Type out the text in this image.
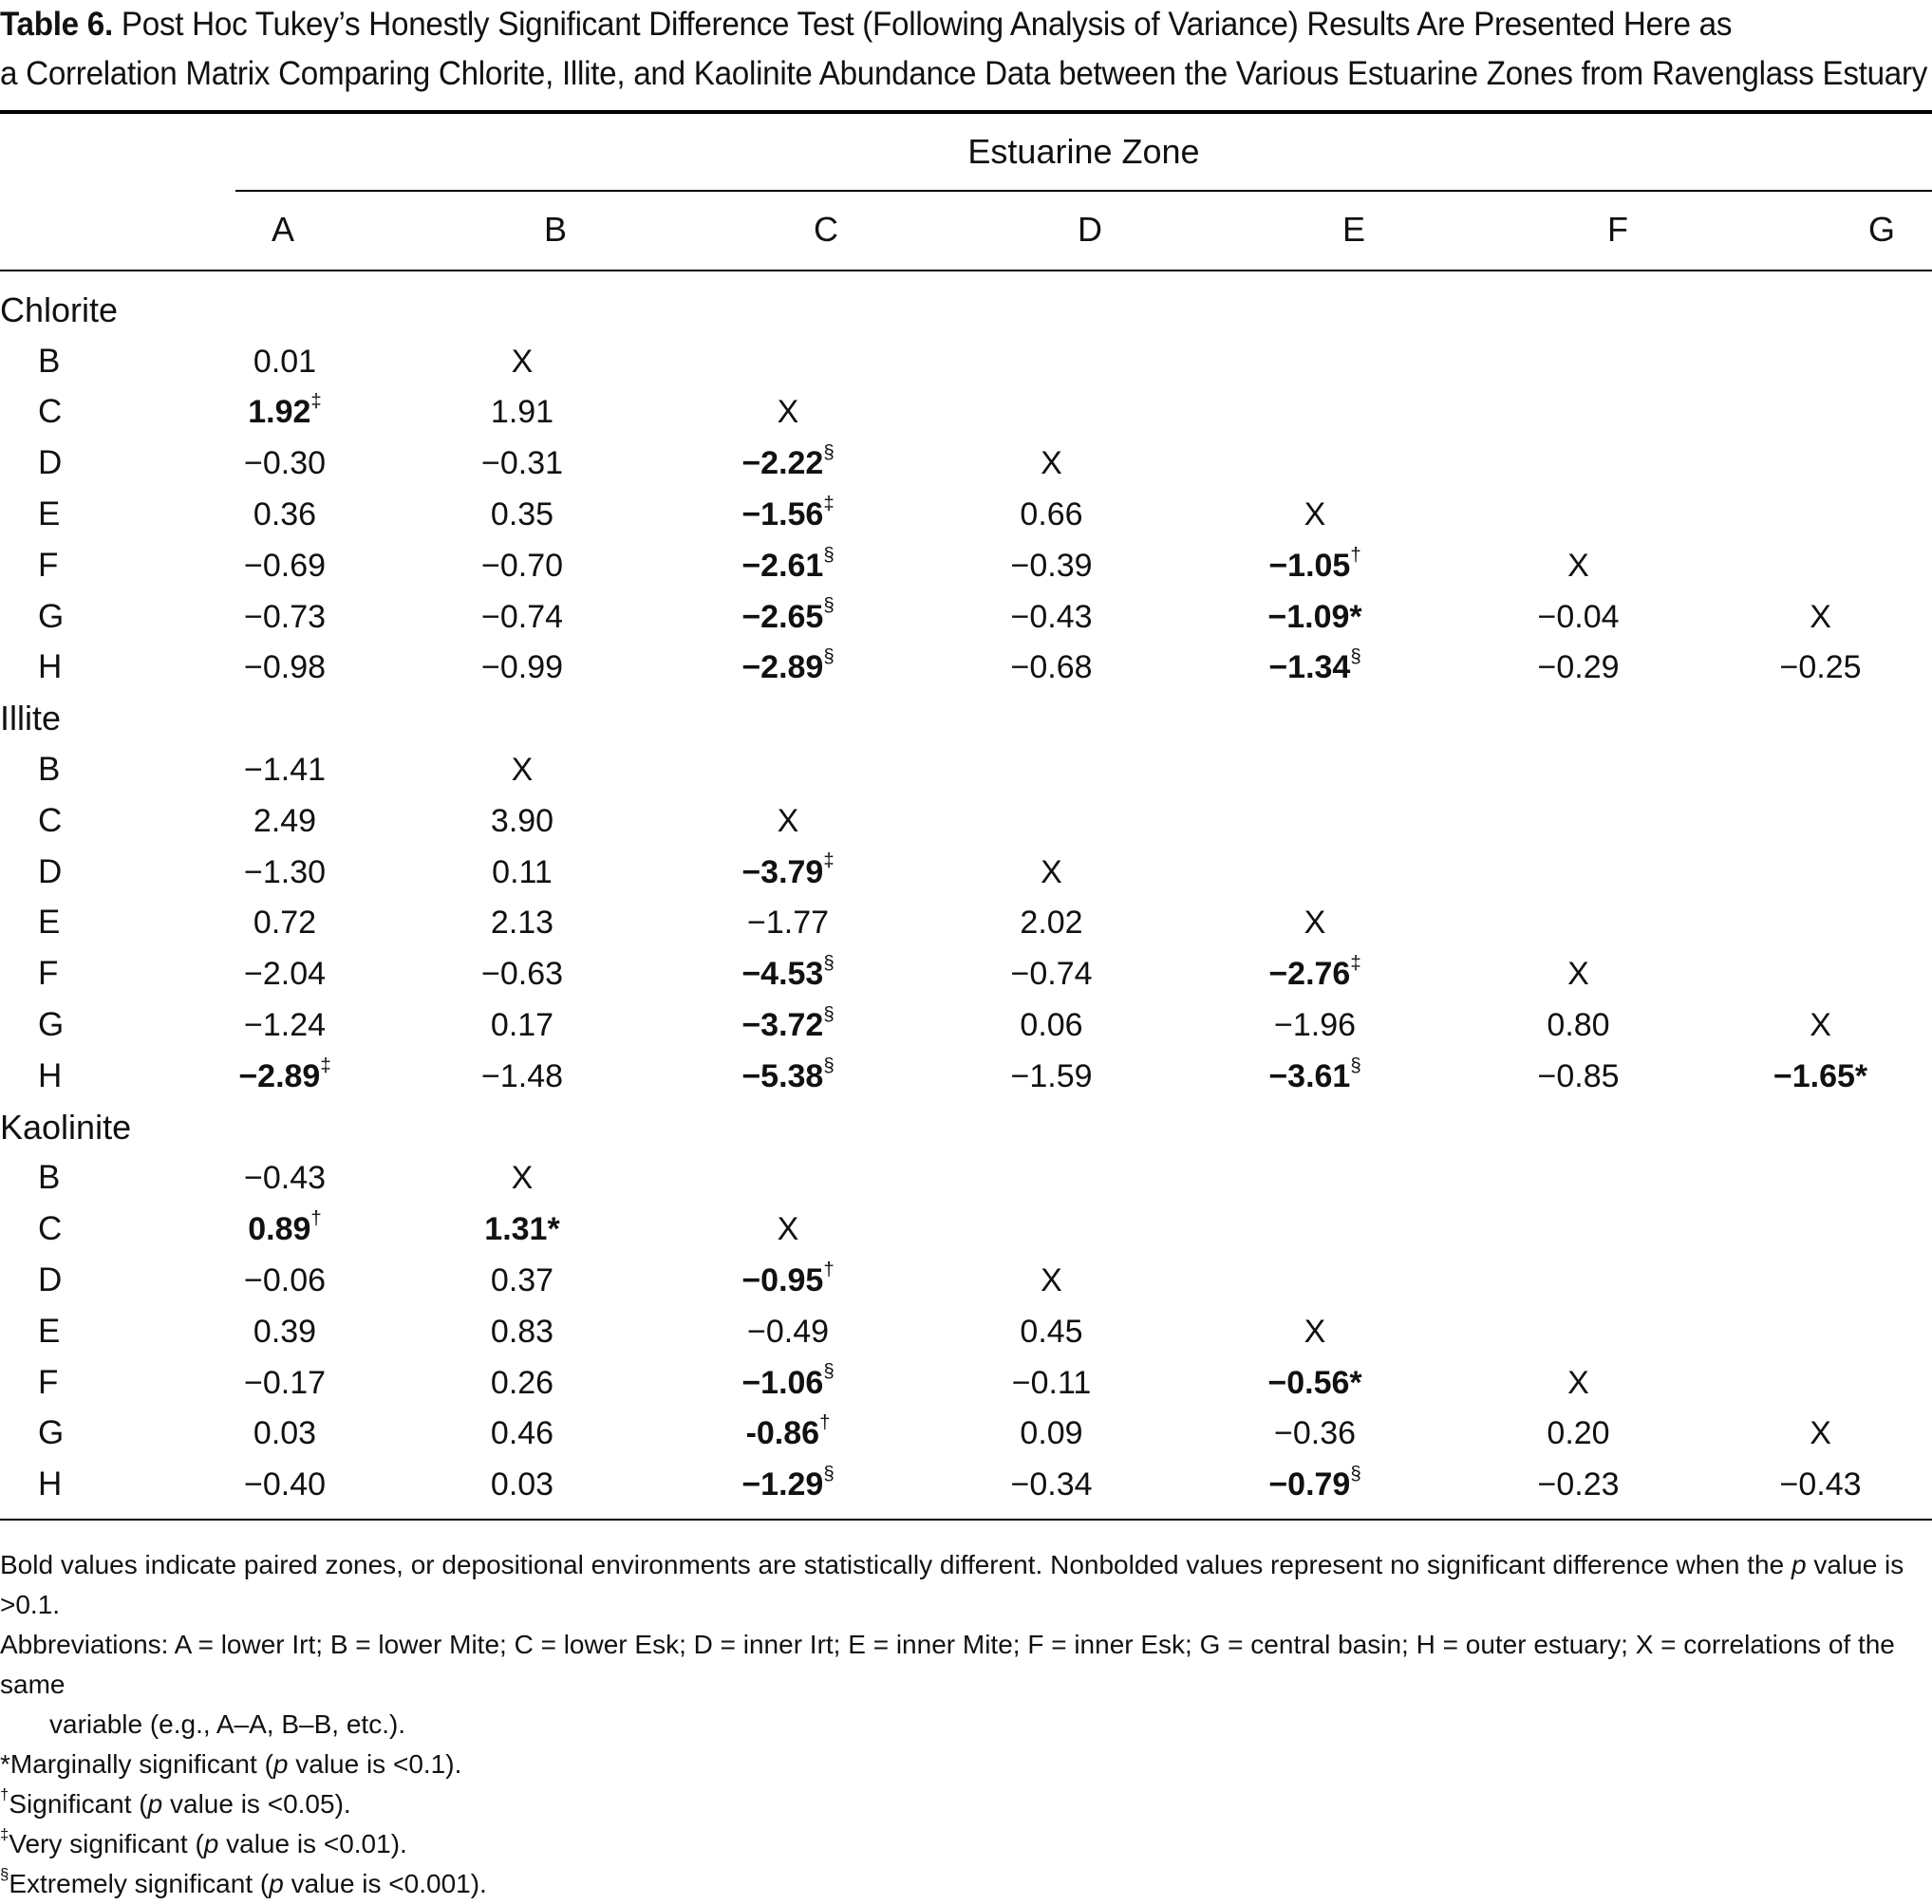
Table 6. Post Hoc Tukey’s Honestly Significant Difference Test (Following Analysis of Variance) Results Are Presented Here as
a Correlation Matrix Comparing Chlorite, Illite, and Kaolinite Abundance Data between the Various Estuarine Zones from Ravenglass Estuary
Estuarine Zone
A	B	C	D	E	F	G
Chlorite							
B	0.01	X					
C	1.92‡	1.91	X				
D	−0.30	−0.31	−2.22§	X			
E	0.36	0.35	−1.56‡	0.66	X		
F	−0.69	−0.70	−2.61§	−0.39	−1.05†	X	
G	−0.73	−0.74	−2.65§	−0.43	−1.09*	−0.04	X
H	−0.98	−0.99	−2.89§	−0.68	−1.34§	−0.29	−0.25
Illite							
B	−1.41	X					
C	2.49	3.90	X				
D	−1.30	0.11	−3.79‡	X			
E	0.72	2.13	−1.77	2.02	X		
F	−2.04	−0.63	−4.53§	−0.74	−2.76‡	X	
G	−1.24	0.17	−3.72§	0.06	−1.96	0.80	X
H	−2.89‡	−1.48	−5.38§	−1.59	−3.61§	−0.85	−1.65*
Kaolinite							
B	−0.43	X					
C	0.89†	1.31*	X				
D	−0.06	0.37	−0.95†	X			
E	0.39	0.83	−0.49	0.45	X		
F	−0.17	0.26	−1.06§	−0.11	−0.56*	X	
G	0.03	0.46	-0.86†	0.09	−0.36	0.20	X
H	−0.40	0.03	−1.29§	−0.34	−0.79§	−0.23	−0.43

Bold values indicate paired zones, or depositional environments are statistically different. Nonbolded values represent no significant difference when the p value is >0.1.

Abbreviations: A = lower Irt; B = lower Mite; C = lower Esk; D = inner Irt; E = inner Mite; F = inner Esk; G = central basin; H = outer estuary; X = correlations of the same

variable (e.g., A–A, B–B, etc.).

*Marginally significant (p value is <0.1).

†Significant (p value is <0.05).

‡Very significant (p value is <0.01).

§Extremely significant (p value is <0.001).
